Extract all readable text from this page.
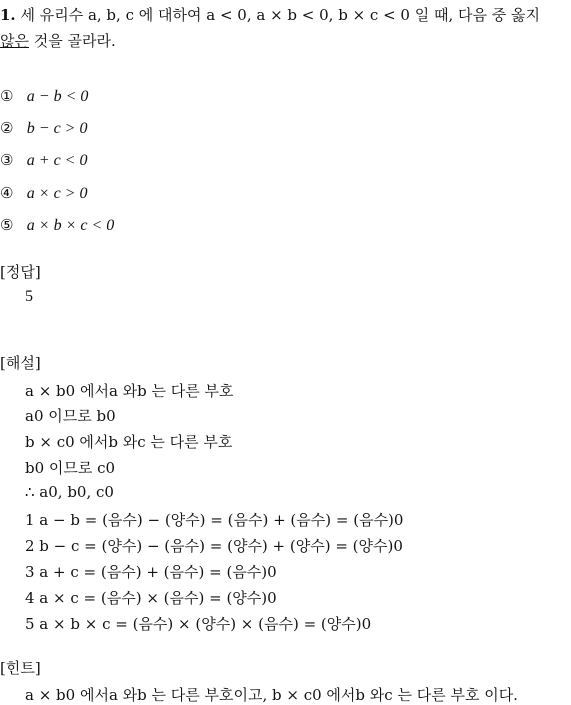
1. 세 유리수 a, b, c 에 대하여 a < 0, a × b < 0, b × c < 0 일 때, 다음 중 옳지
않은 것을 골라라.
① a − b < 0
② b − c > 0
③ a + c < 0
④ a × c > 0
⑤ a × b × c < 0
[정답]
5
[해설]
a × b0 에서a 와b 는 다른 부호
a0 이므로 b0
b × c0 에서b 와c 는 다른 부호
b0 이므로 c0
∴ a0, b0, c0
1 a − b = (음수) − (양수) = (음수) + (음수) = (음수)0
2 b − c = (양수) − (음수) = (양수) + (양수) = (양수)0
3 a + c = (음수) + (음수) = (음수)0
4 a × c = (음수) × (음수) = (양수)0
5 a × b × c = (음수) × (양수) × (음수) = (양수)0
[힌트]
a × b0 에서a 와b 는 다른 부호이고, b × c0 에서b 와c 는 다른 부호 이다.
